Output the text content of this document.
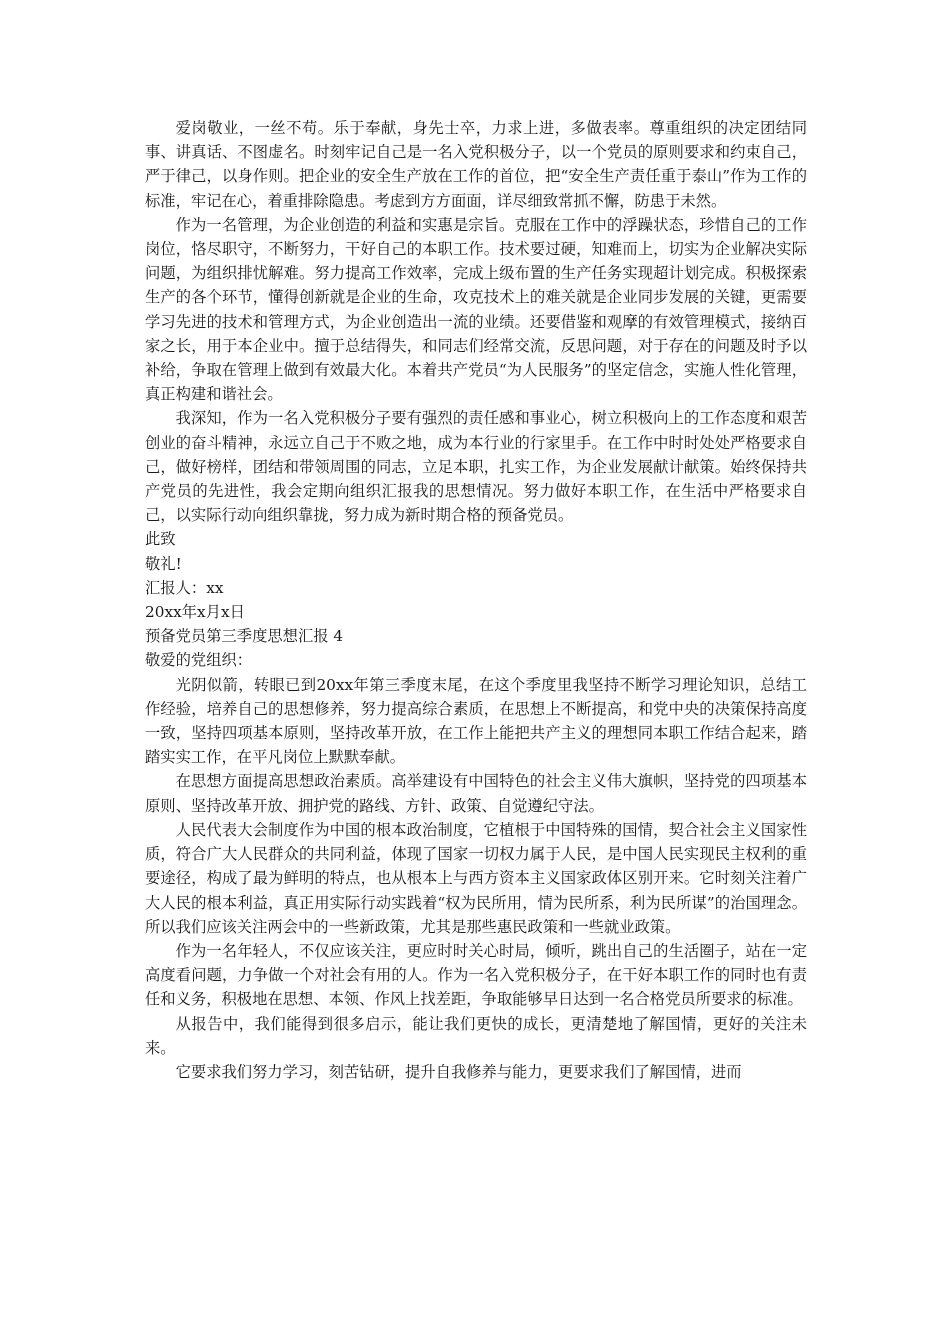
爱岗敬业，一丝不苟。乐于奉献，身先士卒，力求上进，多做表率。尊重组织的决定团结同事、讲真话、不图虚名。时刻牢记自己是一名入党积极分子，以一个党员的原则要求和约束自己，严于律己，以身作则。把企业的安全生产放在工作的首位，把“安全生产责任重于泰山”作为工作的标准，牢记在心，着重排除隐患。考虑到方方面面，详尽细致常抓不懈，防患于未然。

作为一名管理，为企业创造的利益和实惠是宗旨。克服在工作中的浮躁状态，珍惜自己的工作岗位，恪尽职守，不断努力，干好自己的本职工作。技术要过硬，知难而上，切实为企业解决实际问题，为组织排忧解难。努力提高工作效率，完成上级布置的生产任务实现超计划完成。积极探索生产的各个环节，懂得创新就是企业的生命，攻克技术上的难关就是企业同步发展的关键，更需要学习先进的技术和管理方式，为企业创造出一流的业绩。还要借鉴和观摩的有效管理模式，接纳百家之长，用于本企业中。擅于总结得失，和同志们经常交流，反思问题，对于存在的问题及时予以补给，争取在管理上做到有效最大化。本着共产党员“为人民服务”的坚定信念，实施人性化管理，真正构建和谐社会。

我深知，作为一名入党积极分子要有强烈的责任感和事业心，树立积极向上的工作态度和艰苦创业的奋斗精神，永远立自己于不败之地，成为本行业的行家里手。在工作中时时处处严格要求自己，做好榜样，团结和带领周围的同志，立足本职，扎实工作，为企业发展献计献策。始终保持共产党员的先进性，我会定期向组织汇报我的思想情况。努力做好本职工作，在生活中严格要求自己，以实际行动向组织靠拢，努力成为新时期合格的预备党员。

此致

敬礼!

汇报人：xx

20xx年x月x日

预备党员第三季度思想汇报 4

敬爱的党组织：

光阴似箭，转眼已到20xx年第三季度末尾，在这个季度里我坚持不断学习理论知识，总结工作经验，培养自己的思想修养，努力提高综合素质，在思想上不断提高，和党中央的决策保持高度一致，坚持四项基本原则，坚持改革开放，在工作上能把共产主义的理想同本职工作结合起来，踏踏实实工作，在平凡岗位上默默奉献。

在思想方面提高思想政治素质。高举建设有中国特色的社会主义伟大旗帜，坚持党的四项基本原则、坚持改革开放、拥护党的路线、方针、政策、自觉遵纪守法。

人民代表大会制度作为中国的根本政治制度，它植根于中国特殊的国情，契合社会主义国家性质，符合广大人民群众的共同利益，体现了国家一切权力属于人民，是中国人民实现民主权利的重要途径，构成了最为鲜明的特点，也从根本上与西方资本主义国家政体区别开来。它时刻关注着广大人民的根本利益，真正用实际行动实践着“权为民所用，情为民所系，利为民所谋”的治国理念。所以我们应该关注两会中的一些新政策，尤其是那些惠民政策和一些就业政策。

作为一名年轻人，不仅应该关注，更应时时关心时局，倾听，跳出自己的生活圈子，站在一定高度看问题，力争做一个对社会有用的人。作为一名入党积极分子，在干好本职工作的同时也有责任和义务，积极地在思想、本领、作风上找差距，争取能够早日达到一名合格党员所要求的标准。

从报告中，我们能得到很多启示，能让我们更快的成长，更清楚地了解国情，更好的关注未来。

它要求我们努力学习，刻苦钻研，提升自我修养与能力，更要求我们了解国情，进而
